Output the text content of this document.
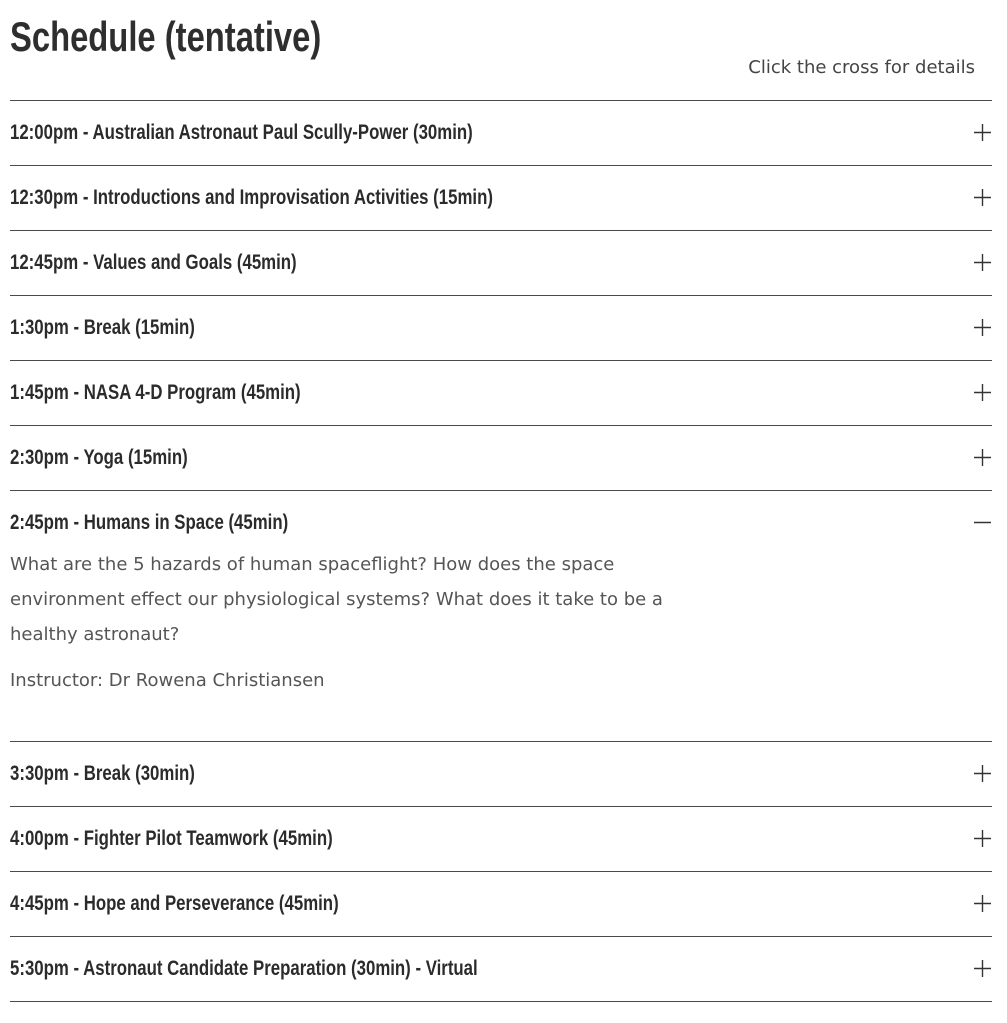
Schedule (tentative)
Click the cross for details
12:00pm - Australian Astronaut Paul Scully-Power (30min)
12:30pm - Introductions and Improvisation Activities (15min)
12:45pm - Values and Goals (45min)
1:30pm - Break (15min)
1:45pm - NASA 4-D Program (45min)
2:30pm - Yoga (15min)
2:45pm - Humans in Space (45min)

What are the 5 hazards of human spaceflight? How does the space environment effect our physiological systems? What does it take to be a healthy astronaut?

Instructor: Dr Rowena Christiansen

3:30pm - Break (30min)
4:00pm - Fighter Pilot Teamwork (45min)
4:45pm - Hope and Perseverance (45min)
5:30pm - Astronaut Candidate Preparation (30min) - Virtual
